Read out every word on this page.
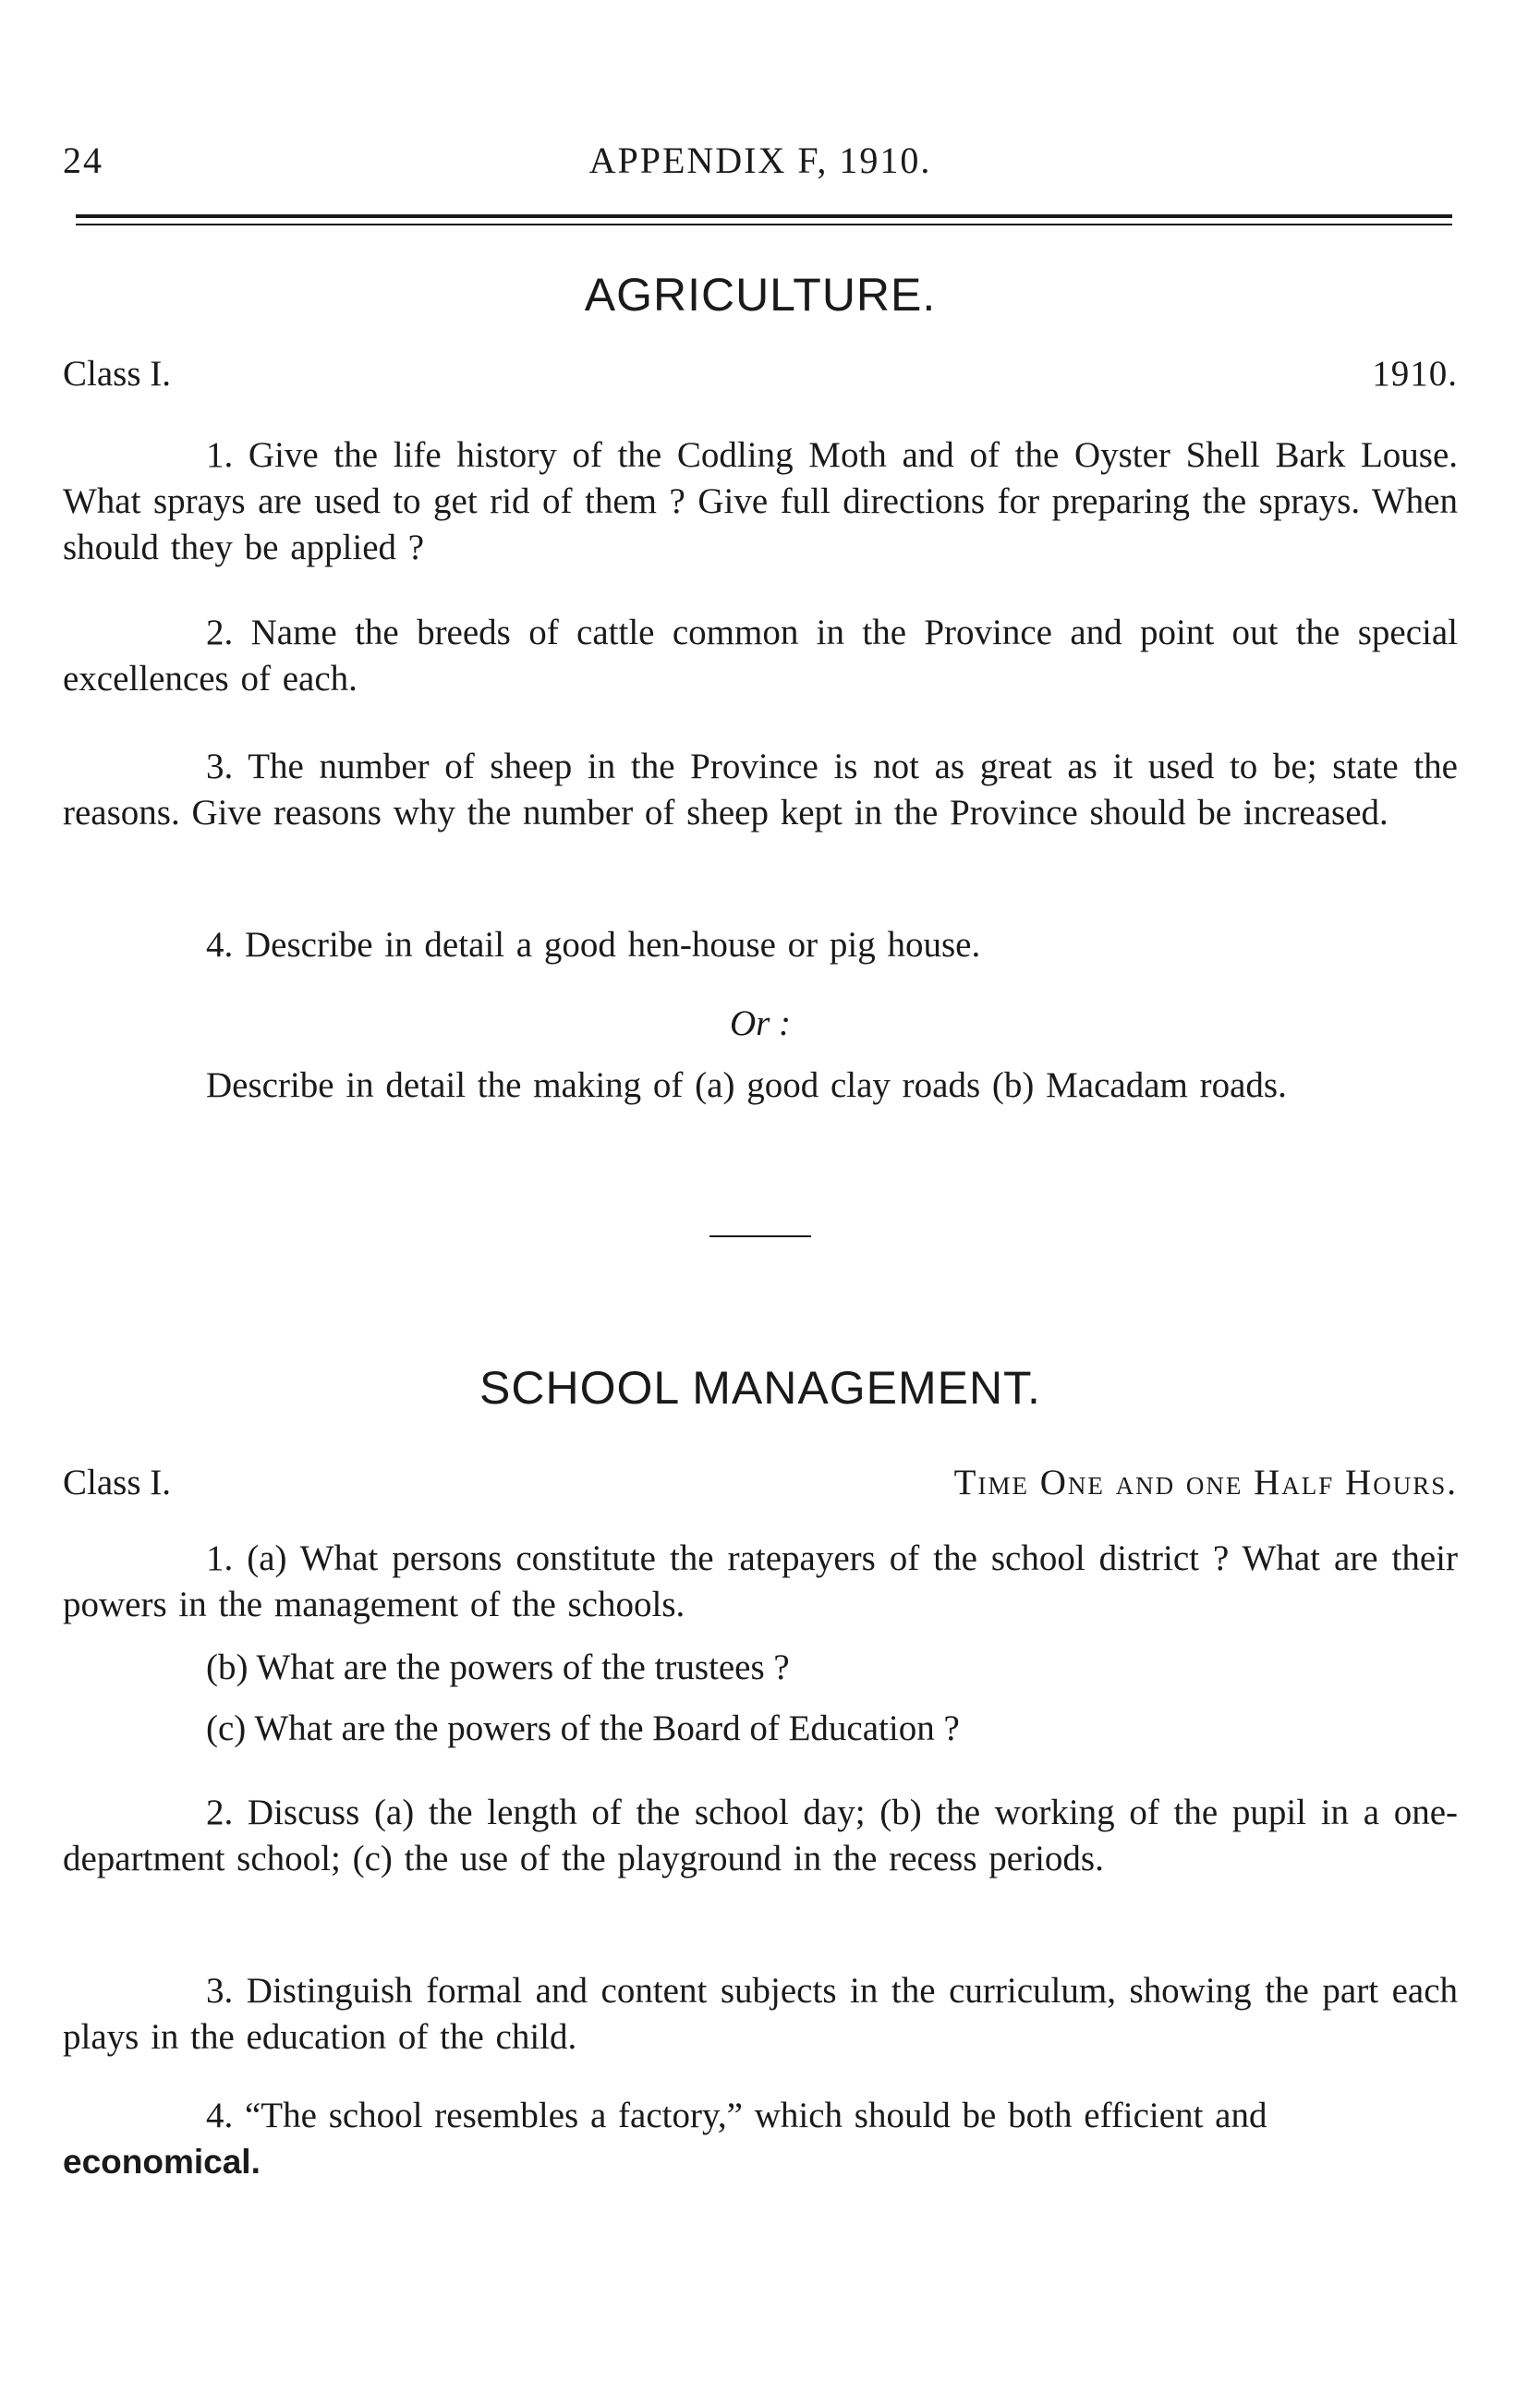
24	APPENDIX F, 1910.
AGRICULTURE.
Class I.	1910.

1. Give the life history of the Codling Moth and of the Oyster Shell Bark Louse. What sprays are used to get rid of them ? Give full directions for preparing the sprays. When should they be applied ?

2. Name the breeds of cattle common in the Province and point out the special excellences of each.

3. The number of sheep in the Province is not as great as it used to be; state the reasons. Give reasons why the number of sheep kept in the Province should be increased.

4. Describe in detail a good hen-house or pig house.

Or :

Describe in detail the making of (a) good clay roads (b) Macadam roads.

SCHOOL MANAGEMENT.
Class I.	Time One and one Half Hours.

1. (a) What persons constitute the ratepayers of the school district ? What are their powers in the management of the schools.

(b) What are the powers of the trustees ?

(c) What are the powers of the Board of Education ?

2. Discuss (a) the length of the school day; (b) the working of the pupil in a one-department school; (c) the use of the playground in the recess periods.

3. Distinguish formal and content subjects in the curriculum, showing the part each plays in the education of the child.

4. “The school resembles a factory,” which should be both efficient and

economical.
